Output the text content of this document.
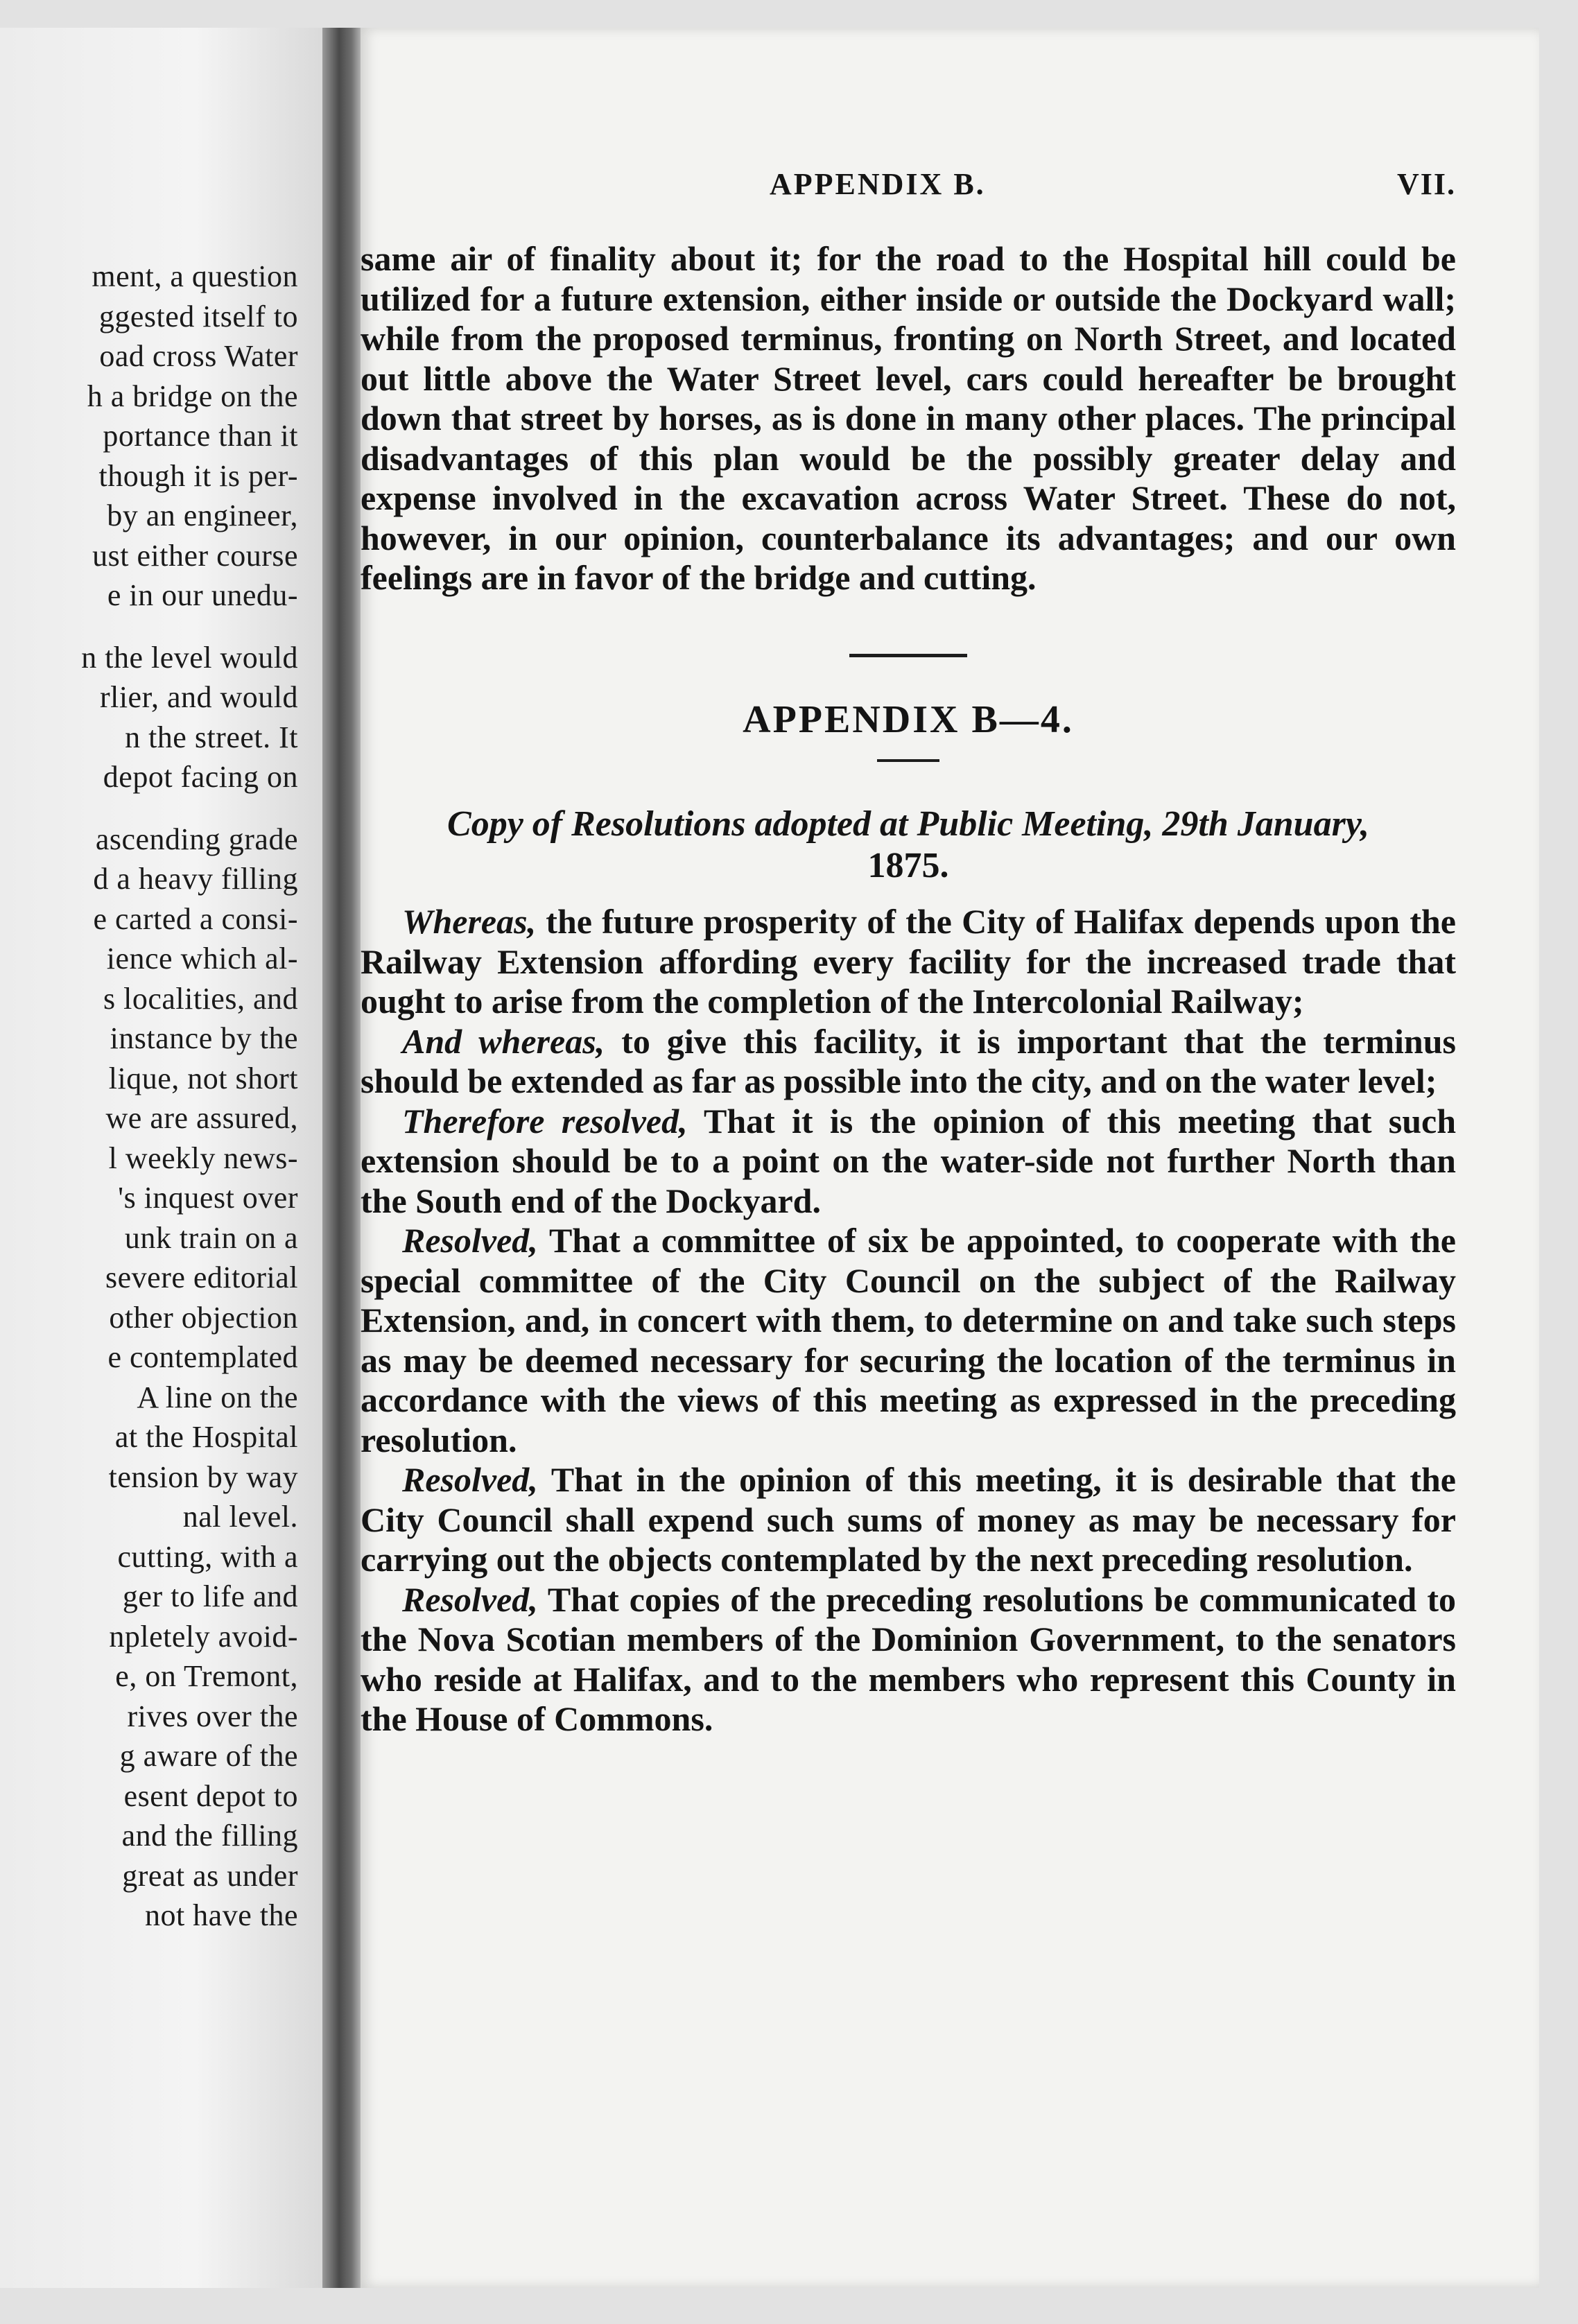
ment, a question
ggested itself to
oad cross Water
h a bridge on the
portance than it
though it is per-
by an engineer,
ust either course
e in our unedu-
n the level would
rlier, and would
n the street. It
depot facing on
ascending grade
d a heavy filling
e carted a consi-
ience which al-
s localities, and
instance by the
lique, not short
we are assured,
l weekly news-
's inquest over
unk train on a
severe editorial
other objection
e contemplated
A line on the
at the Hospital
tension by way
nal level.
cutting, with a
ger to life and
npletely avoid-
e, on Tremont,
rives over the
g aware of the
esent depot to
and the filling
great as under
not have the
APPENDIX B.	VII.

same air of finality about it; for the road to the Hospital hill could be utilized for a future extension, either inside or outside the Dockyard wall; while from the proposed terminus, fronting on North Street, and located out little above the Water Street level, cars could hereafter be brought down that street by horses, as is done in many other places. The principal disadvantages of this plan would be the possibly greater delay and expense involved in the excavation across Water Street. These do not, however, in our opinion, counterbalance its advantages; and our own feelings are in favor of the bridge and cutting.

APPENDIX B—4.

Copy of Resolutions adopted at Public Meeting, 29th January, 1875.

Whereas, the future prosperity of the City of Halifax depends upon the Railway Extension affording every facility for the increased trade that ought to arise from the completion of the Intercolonial Railway;

And whereas, to give this facility, it is important that the terminus should be extended as far as possible into the city, and on the water level;

Therefore resolved, That it is the opinion of this meeting that such extension should be to a point on the water-side not further North than the South end of the Dockyard.

Resolved, That a committee of six be appointed, to cooperate with the special committee of the City Council on the subject of the Railway Extension, and, in concert with them, to determine on and take such steps as may be deemed necessary for securing the location of the terminus in accordance with the views of this meeting as expressed in the preceding resolution.

Resolved, That in the opinion of this meeting, it is desirable that the City Council shall expend such sums of money as may be necessary for carrying out the objects contemplated by the next preceding resolution.

Resolved, That copies of the preceding resolutions be communicated to the Nova Scotian members of the Dominion Government, to the senators who reside at Halifax, and to the members who represent this County in the House of Commons.
